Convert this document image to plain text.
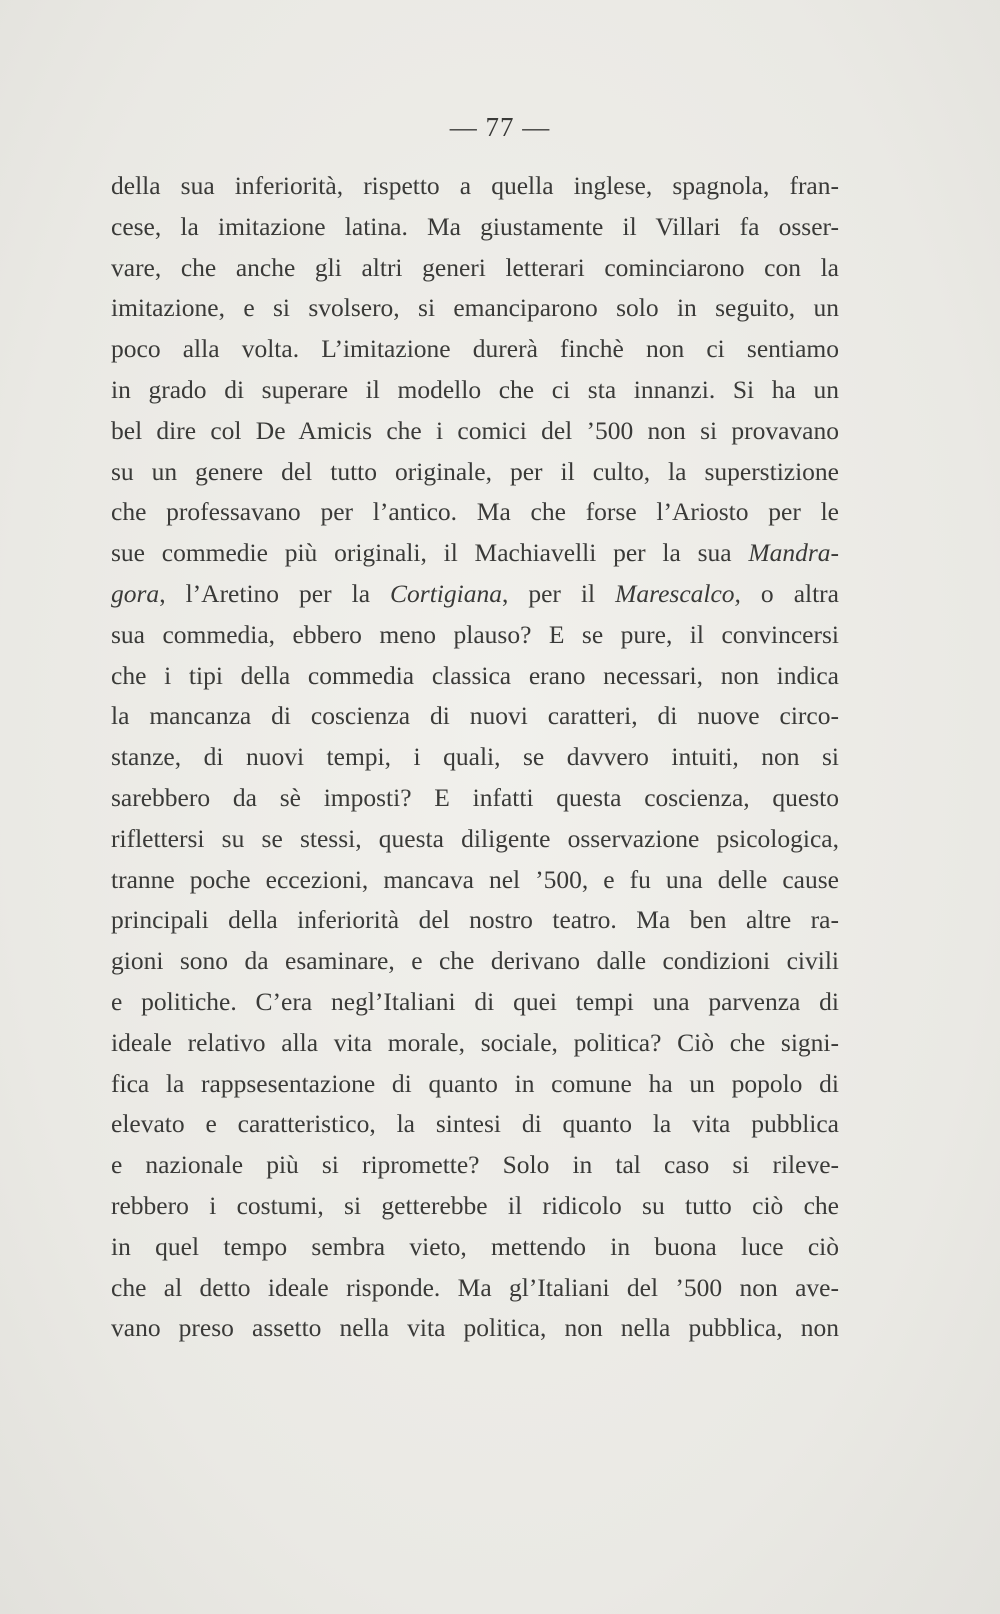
— 77 —
della sua inferiorità, rispetto a quella inglese, spagnola, fran-
cese, la imitazione latina. Ma giustamente il Villari fa osser-
vare, che anche gli altri generi letterari cominciarono con la
imitazione, e si svolsero, si emanciparono solo in seguito, un
poco alla volta. L’imitazione durerà finchè non ci sentiamo
in grado di superare il modello che ci sta innanzi. Si ha un
bel dire col De Amicis che i comici del ’500 non si provavano
su un genere del tutto originale, per il culto, la superstizione
che professavano per l’antico. Ma che forse l’Ariosto per le
sue commedie più originali, il Machiavelli per la sua Mandra-
gora, l’Aretino per la Cortigiana, per il Marescalco, o altra
sua commedia, ebbero meno plauso? E se pure, il convincersi
che i tipi della commedia classica erano necessari, non indica
la mancanza di coscienza di nuovi caratteri, di nuove circo-
stanze, di nuovi tempi, i quali, se davvero intuiti, non si
sarebbero da sè imposti? E infatti questa coscienza, questo
riflettersi su se stessi, questa diligente osservazione psicologica,
tranne poche eccezioni, mancava nel ’500, e fu una delle cause
principali della inferiorità del nostro teatro. Ma ben altre ra-
gioni sono da esaminare, e che derivano dalle condizioni civili
e politiche. C’era negl’Italiani di quei tempi una parvenza di
ideale relativo alla vita morale, sociale, politica? Ciò che signi-
fica la rappsesentazione di quanto in comune ha un popolo di
elevato e caratteristico, la sintesi di quanto la vita pubblica
e nazionale più si ripromette? Solo in tal caso si rileve-
rebbero i costumi, si getterebbe il ridicolo su tutto ciò che
in quel tempo sembra vieto, mettendo in buona luce ciò
che al detto ideale risponde. Ma gl’Italiani del ’500 non ave-
vano preso assetto nella vita politica, non nella pubblica, non
